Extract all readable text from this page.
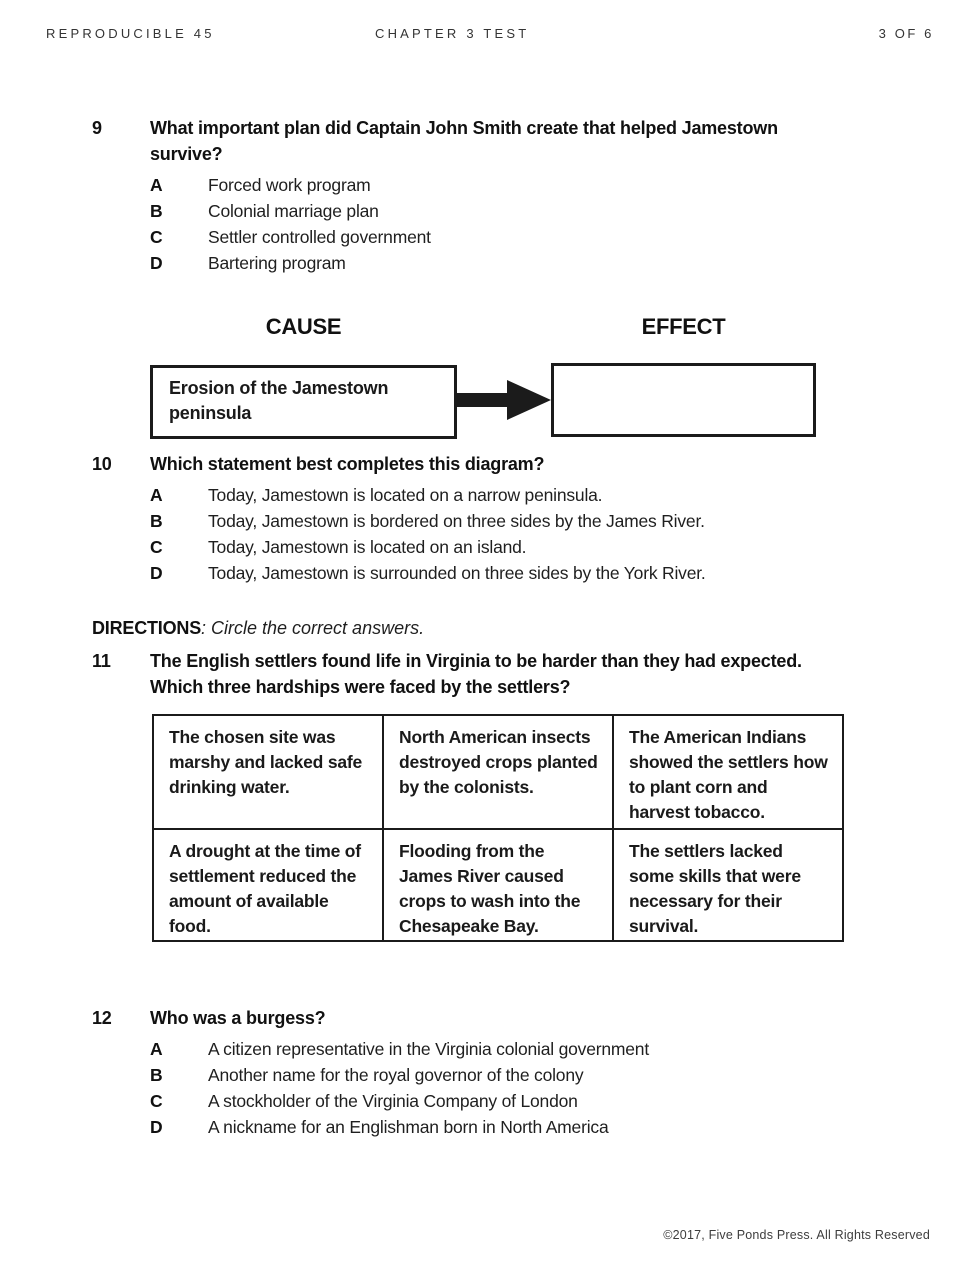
REPRODUCIBLE 45	CHAPTER 3 TEST	3 OF 6
9	What important plan did Captain John Smith create that helped Jamestown survive?
A	Forced work program
B	Colonial marriage plan
C	Settler controlled government
D	Bartering program
CAUSE	EFFECT
Erosion of the Jamestown peninsula
10	Which statement best completes this diagram?
A	Today, Jamestown is located on a narrow peninsula.
B	Today, Jamestown is bordered on three sides by the James River.
C	Today, Jamestown is located on an island.
D	Today, Jamestown is surrounded on three sides by the York River.
DIRECTIONS: Circle the correct answers.
11	The English settlers found life in Virginia to be harder than they had expected. Which three hardships were faced by the settlers?
The chosen site was marshy and lacked safe drinking water.	North American insects destroyed crops planted by the colonists.	The American Indians showed the settlers how to plant corn and harvest tobacco.
A drought at the time of settlement reduced the amount of available food.	Flooding from the James River caused crops to wash into the Chesapeake Bay.	The settlers lacked some skills that were necessary for their survival.
12	Who was a burgess?
A	A citizen representative in the Virginia colonial government
B	Another name for the royal governor of the colony
C	A stockholder of the Virginia Company of London
D	A nickname for an Englishman born in North America
©2017, Five Ponds Press. All Rights Reserved
